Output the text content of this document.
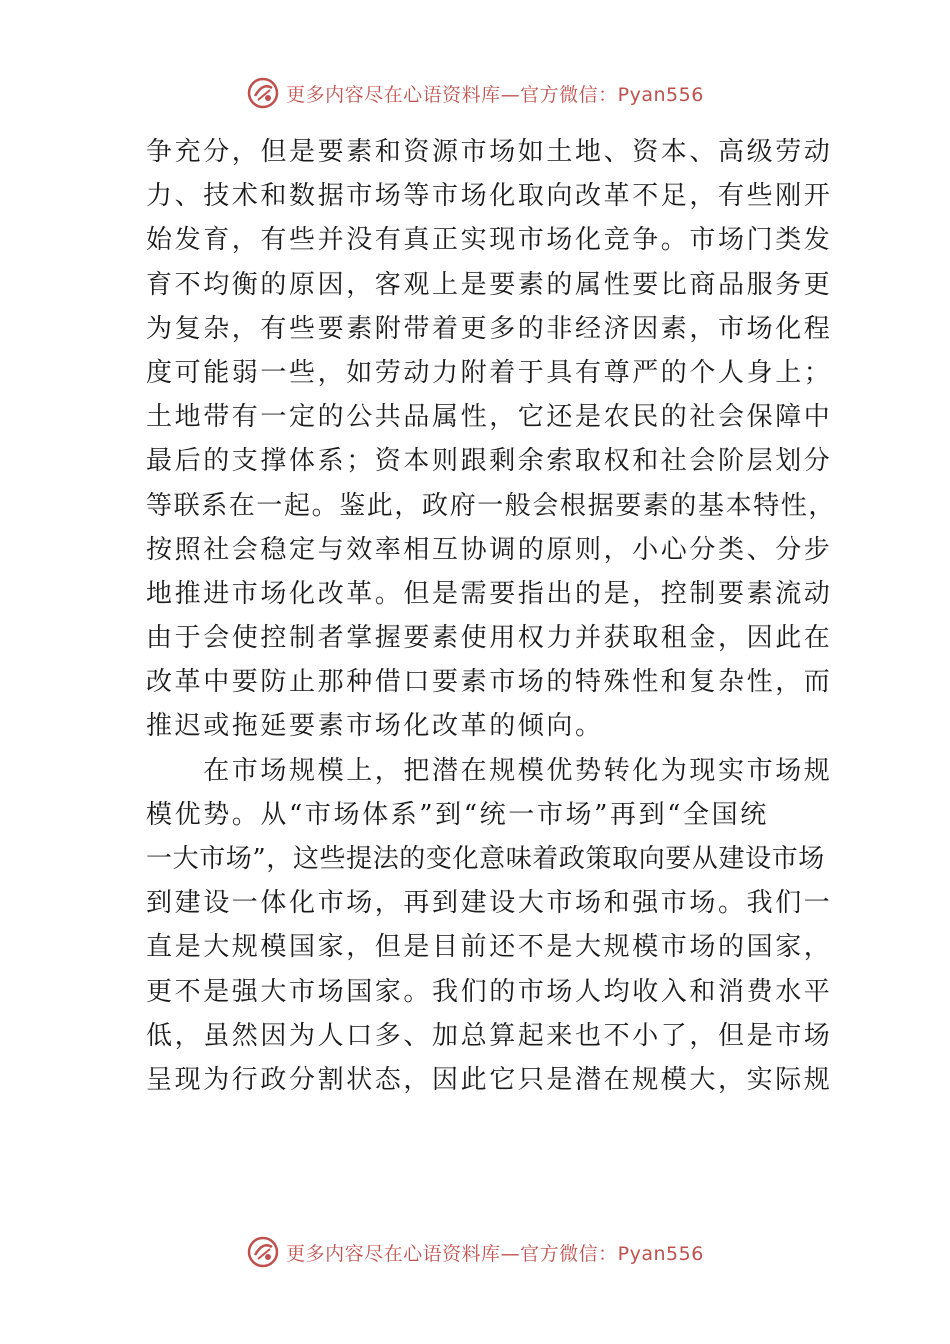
更多内容尽在心语资料库—官方微信：Pyan556
争充分，但是要素和资源市场如土地、资本、高级劳动
力、技术和数据市场等市场化取向改革不足，有些刚开
始发育，有些并没有真正实现市场化竞争。市场门类发
育不均衡的原因，客观上是要素的属性要比商品服务更
为复杂，有些要素附带着更多的非经济因素，市场化程
度可能弱一些，如劳动力附着于具有尊严的个人身上；
土地带有一定的公共品属性，它还是农民的社会保障中
最后的支撑体系；资本则跟剩余索取权和社会阶层划分
等联系在一起。鉴此，政府一般会根据要素的基本特性，
按照社会稳定与效率相互协调的原则，小心分类、分步
地推进市场化改革。但是需要指出的是，控制要素流动
由于会使控制者掌握要素使用权力并获取租金，因此在
改革中要防止那种借口要素市场的特殊性和复杂性，而
推迟或拖延要素市场化改革的倾向。
　　在市场规模上，把潜在规模优势转化为现实市场规
模优势。从“市场体系”到“统一市场”再到“全国统
一大市场”，这些提法的变化意味着政策取向要从建设市场
到建设一体化市场，再到建设大市场和强市场。我们一
直是大规模国家，但是目前还不是大规模市场的国家，
更不是强大市场国家。我们的市场人均收入和消费水平
低，虽然因为人口多、加总算起来也不小了，但是市场
呈现为行政分割状态，因此它只是潜在规模大，实际规
更多内容尽在心语资料库—官方微信：Pyan556
